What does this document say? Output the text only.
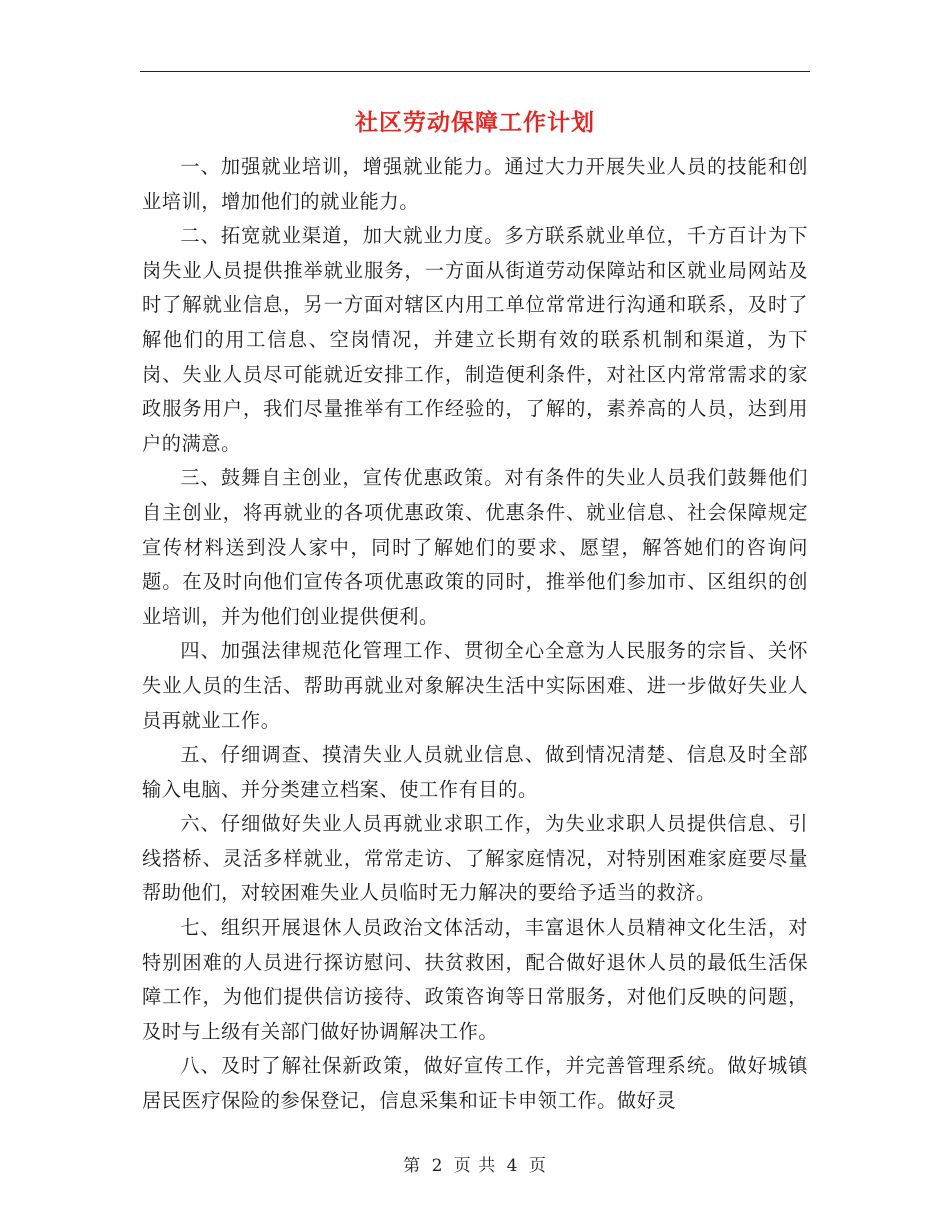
社区劳动保障工作计划

一、加强就业培训，增强就业能力。通过大力开展失业人员的技能和创业培训，增加他们的就业能力。

二、拓宽就业渠道，加大就业力度。多方联系就业单位，千方百计为下岗失业人员提供推举就业服务，一方面从街道劳动保障站和区就业局网站及时了解就业信息，另一方面对辖区内用工单位常常进行沟通和联系，及时了解他们的用工信息、空岗情况，并建立长期有效的联系机制和渠道，为下岗、失业人员尽可能就近安排工作，制造便利条件，对社区内常常需求的家政服务用户，我们尽量推举有工作经验的，了解的，素养高的人员，达到用户的满意。

三、鼓舞自主创业，宣传优惠政策。对有条件的失业人员我们鼓舞他们自主创业，将再就业的各项优惠政策、优惠条件、就业信息、社会保障规定宣传材料送到没人家中，同时了解她们的要求、愿望，解答她们的咨询问题。在及时向他们宣传各项优惠政策的同时，推举他们参加市、区组织的创业培训，并为他们创业提供便利。

四、加强法律规范化管理工作、贯彻全心全意为人民服务的宗旨、关怀失业人员的生活、帮助再就业对象解决生活中实际困难、进一步做好失业人员再就业工作。

五、仔细调查、摸清失业人员就业信息、做到情况清楚、信息及时全部输入电脑、并分类建立档案、使工作有目的。

六、仔细做好失业人员再就业求职工作，为失业求职人员提供信息、引线搭桥、灵活多样就业，常常走访、了解家庭情况，对特别困难家庭要尽量帮助他们，对较困难失业人员临时无力解决的要给予适当的救济。

七、组织开展退休人员政治文体活动，丰富退休人员精神文化生活，对特别困难的人员进行探访慰问、扶贫救困，配合做好退休人员的最低生活保障工作，为他们提供信访接待、政策咨询等日常服务，对他们反映的问题，及时与上级有关部门做好协调解决工作。

八、及时了解社保新政策，做好宣传工作，并完善管理系统。做好城镇居民医疗保险的参保登记，信息采集和证卡申领工作。做好灵

第 2 页 共 4 页
